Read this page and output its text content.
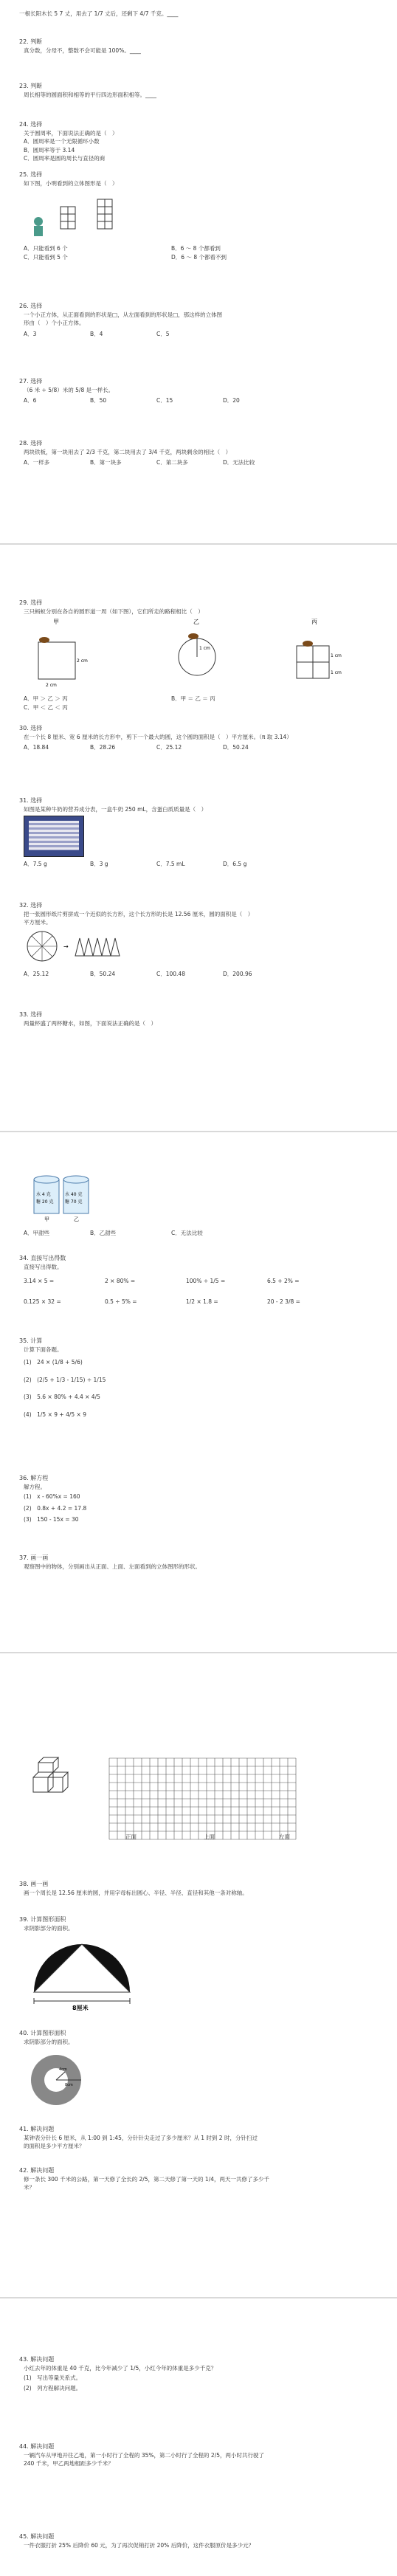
一根长阳木长 5 7 丈，用去了 1/7 丈后，还剩下 4/7 千克。____
22. 判断
真分数，分母不，整数不会可能是 100%。____
23. 判断
周长相等的圆面积和相等的平行四边形面积相等。____
24. 选择
关于圆周率，下面说法正确的是（　）
A．圆周率是一个无限循环小数
B．圆周率等于 3.14
C．圆周率是圆的周长与直径的商
25. 选择
如下图，小明看到的立体图形是（　）
A．只能看到 6 个	B．6 ～ 8 个都看到
C．只能看到 5 个	D．6 ～ 8 个都看不到
26. 选择
一个小正方体，从正面看到的形状是□，从左面看到的形状是□，那这样的立体图
形由（　）个小正方体。
A．3	B．4	C．5
27. 选择
（6 米 ÷ 5/8）米的 5/8 是一样长。
A．6	B．50	C．15	D．20
28. 选择
两块铁板，第一块用去了 2/3 千克，第二块用去了 3/4 千克，两块剩余的相比（　）
A．一样多	B．第一块多	C．第二块多	D．无法比较
29. 选择
三只蚂蚁分别在各自的圆形道一周（如下图），它们所走的路程相比（　）
甲	乙	丙
2 cm
2 cm
1 cm
1 cm
1 cm
A．甲 ＞ 乙 ＞ 丙	B．甲 ＝ 乙 ＝ 丙
C．甲 ＜ 乙 ＜ 丙
30. 选择
在一个长 8 厘米、宽 6 厘米的长方形中，剪下一个最大的圆，这个圆的面积是（　）平方厘米。（π 取 3.14）
A．18.84	B．28.26	C．25.12	D．50.24
31. 选择
如图是某种牛奶的营养成分表，一盒牛奶 250 mL，含蛋白质质量是（　）
A．7.5 g	B．3 g	C．7.5 mL	D．6.5 g
32. 选择
把一张圆形纸片剪拼成一个近似的长方形，这个长方形的长是 12.56 厘米，圆的面积是（　）
平方厘米。
→
A．25.12	B．50.24	C．100.48	D．200.96
33. 选择
两量杯盛了两杯糖水，如图，下面说法正确的是（　）
水 4 克
糖 20 克
水 40 克
糖 70 克
甲	乙
A．甲甜些	B．乙甜些	C．无法比较
34. 直接写出得数
直接写出得数。
3.14 × 5 =	2 × 80% =	100% ÷ 1/5 =	6.5 + 2% =
0.125 × 32 =	0.5 ÷ 5% =	1/2 × 1.8 =	20 - 2 3/8 =
35. 计算
计算下面各题。
(1)　24 × (1/8 + 5/6)
(2)　(2/5 + 1/3 - 1/15) ÷ 1/15
(3)　5.6 × 80% + 4.4 × 4/5
(4)　1/5 × 9 + 4/5 × 9
36. 解方程
解方程。
(1)　x - 60%x = 160
(2)　0.8x + 4.2 = 17.8
(3)　150 - 15x = 30
37. 画一画
观察图中的物体，分别画出从正面、上面、左面看到的立体图形的形状。
正面	上面	左面
38. 画一画
画一个周长是 12.56 厘米的圆，并用字母标出圆心、半径、半径、直径和其他一条对称轴。
39. 计算图形面积
求阴影部分的面积。
8厘米
40. 计算图形面积
求阴影部分的面积。
4cm
8cm
41. 解决问题
某钟表分针长 6 厘米，从 1:00 到 1:45，分针针尖走过了多少厘米？从 1 时到 2 时，分针扫过
的面积是多少平方厘米？
42. 解决问题
修一条长 300 千米的公路，第一天修了全长的 2/5，第二天修了第一天的 1/4，两天一共修了多少千
米？
43. 解决问题
小红去年的体重是 40 千克，比今年减少了 1/5，小红今年的体重是多少千克？
(1)　写出等量关系式。
(2)　列方程解决问题。
44. 解决问题
一辆汽车从甲地开往乙地，第一小时行了全程的 35%，第二小时行了全程的 2/5，两小时共行驶了
240 千米，甲乙两地相距多少千米？
45. 解决问题
一件衣服打折 25% 后降价 60 元，为了再次促销打折 20% 后降价，这件衣服原价是多少元？
